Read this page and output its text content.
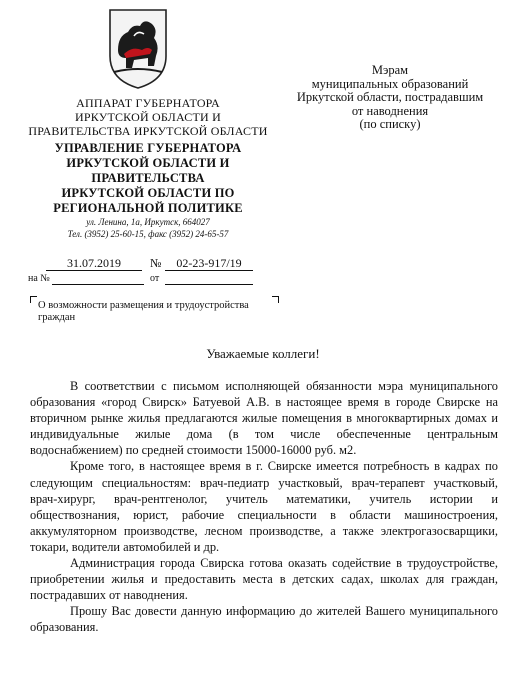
АППАРАТ ГУБЕРНАТОРА
ИРКУТСКОЙ ОБЛАСТИ И
ПРАВИТЕЛЬСТВА ИРКУТСКОЙ ОБЛАСТИ
УПРАВЛЕНИЕ ГУБЕРНАТОРА
ИРКУТСКОЙ ОБЛАСТИ И
ПРАВИТЕЛЬСТВА
ИРКУТСКОЙ ОБЛАСТИ ПО
РЕГИОНАЛЬНОЙ ПОЛИТИКЕ
ул. Ленина, 1а, Иркутск, 664027
Тел. (3952) 25-60-15, факс (3952) 24-65-57
Мэрам
муниципальных образований
Иркутской области, пострадавшим
от наводнения
(по списку)
31.07.2019	№	02-23-917/19
на №	от
О возможности размещения и трудоустройства граждан
Уважаемые коллеги!

В соответствии с письмом исполняющей обязанности мэра муниципального образования «город Свирск» Батуевой А.В. в настоящее время в городе Свирске на вторичном рынке жилья предлагаются жилые помещения в многоквартирных домах и индивидуальные жилые дома (в том числе обеспеченные центральным водоснабжением) по средней стоимости 15000-16000 руб. м2.

Кроме того, в настоящее время в г. Свирске имеется потребность в кадрах по следующим специальностям: врач-педиатр участковый, врач-терапевт участковый, врач-хирург, врач-рентгенолог, учитель математики, учитель истории и обществознания, юрист, рабочие специальности в области машиностроения, аккумуляторном производстве, лесном производстве, а также электрогазосварщики, токари, водители автомобилей и др.

Администрация города Свирска готова оказать содействие в трудоустройстве, приобретении жилья и предоставить места в детских садах, школах для граждан, пострадавших от наводнения.

Прошу Вас довести данную информацию до жителей Вашего муниципального образования.
